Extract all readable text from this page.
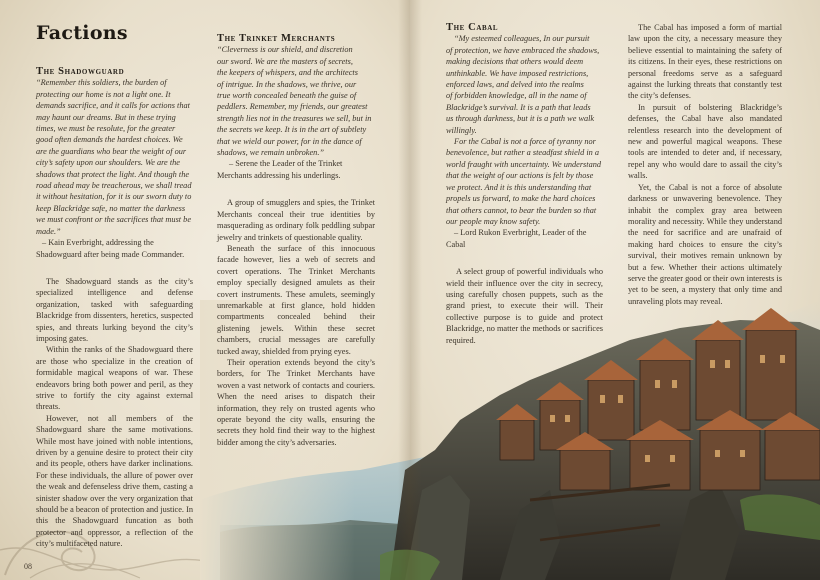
Factions
The Shadowguard
“Remember this soldiers, the burden of
protecting our home is not a light one. It
demands sacrifice, and it calls for actions that
may haunt our dreams. But in these trying
times, we must be resolute, for the greater
good often demands the hardest choices. We
are the guardians who bear the weight of our
city’s safety upon our shoulders. We are the
shadows that protect the light. And though the
road ahead may be treacherous, we shall tread
it without hesitation, for it is our sworn duty to
keep Blackridge safe, no matter the darkness
we must confront or the sacrifices that must be
made.”
– Kain Everbright, addressing the
Shadowguard after being made Commander.

The Shadowguard stands as the city’s specialized intelligence and defense organization, tasked with safeguarding Blackridge from dissenters, heretics, suspected spies, and threats lurking beyond the city’s imposing gates.

Within the ranks of the Shadowguard there are those who specialize in the creation of formidable magical weapons of war. These endeavors bring both power and peril, as they strive to fortify the city against external threats.

However, not all members of the Shadowguard share the same motivations. While most have joined with noble intentions, driven by a genuine desire to protect their city and its people, others have darker inclinations. For these individuals, the allure of power over the weak and defenseless drive them, casting a sinister shadow over the very organization that should be a beacon of protection and justice. In this the Shadowguard funcation as both protector and oppressor, a reflection of the city’s multifaceted nature.

The Trinket Merchants
“Cleverness is our shield, and discretion
our sword. We are the masters of secrets,
the keepers of whispers, and the architects
of intrigue. In the shadows, we thrive, our
true worth concealed beneath the guise of
peddlers. Remember, my friends, our greatest
strength lies not in the treasures we sell, but in
the secrets we keep. It is in the art of subtlety
that we wield our power, for in the dance of
shadows, we remain unbroken.”
– Serene the Leader of the Trinket
Merchants addressing his underlings.

A group of smugglers and spies, the Trinket Merchants conceal their true identities by masquerading as ordinary folk peddling subpar jewelry and trinkets of questionable quality.

Beneath the surface of this innocuous facade however, lies a web of secrets and covert operations. The Trinket Merchants employ specially designed amulets as their covert instruments. These amulets, seemingly unremarkable at first glance, hold hidden compartments concealed behind their glistening jewels. Within these secret chambers, crucial messages are carefully tucked away, shielded from prying eyes.

Their operation extends beyond the city’s borders, for The Trinket Merchants have woven a vast network of contacts and couriers. When the need arises to dispatch their information, they rely on trusted agents who operate beyond the city walls, ensuring the secrets they hold find their way to the highest bidder among the city’s adversaries.

The Cabal
“My esteemed colleagues, In our pursuit
of protection, we have embraced the shadows,
making decisions that others would deem
unthinkable. We have imposed restrictions,
enforced laws, and delved into the realms
of forbidden knowledge, all in the name of
Blackridge’s survival. It is a path that leads
us through darkness, but it is a path we walk
willingly.
For the Cabal is not a force of tyranny nor
benevolence, but rather a steadfast shield in a
world fraught with uncertainty. We understand
that the weight of our actions is felt by those
we protect. And it is this understanding that
propels us forward, to make the hard choices
that others cannot, to bear the burden so that
our people may know safety.
– Lord Rukon Everbright, Leader of the
Cabal

A select group of powerful individuals who wield their influence over the city in secrecy, using carefully chosen puppets, such as the grand priest, to execute their will. Their collective purpose is to guide and protect Blackridge, no matter the methods or sacrifices required.

The Cabal has imposed a form of martial law upon the city, a necessary measure they believe essential to maintaining the safety of its citizens. In their eyes, these restrictions on personal freedoms serve as a safeguard against the lurking threats that constantly test the city’s defenses.

In pursuit of bolstering Blackridge’s defenses, the Cabal have also mandated relentless research into the development of new and powerful magical weapons. These tools are intended to deter and, if necessary, repel any who would dare to assail the city’s walls.

Yet, the Cabal is not a force of absolute darkness or unwavering benevolence. They inhabit the complex gray area between morality and necessity. While they understand the need for sacrifice and are unafraid of making hard choices to ensure the city’s survival, their motives remain unknown by but a few. Whether their actions ultimately serve the greater good or their own interests is yet to be seen, a mystery that only time and unraveling plots may reveal.

08
